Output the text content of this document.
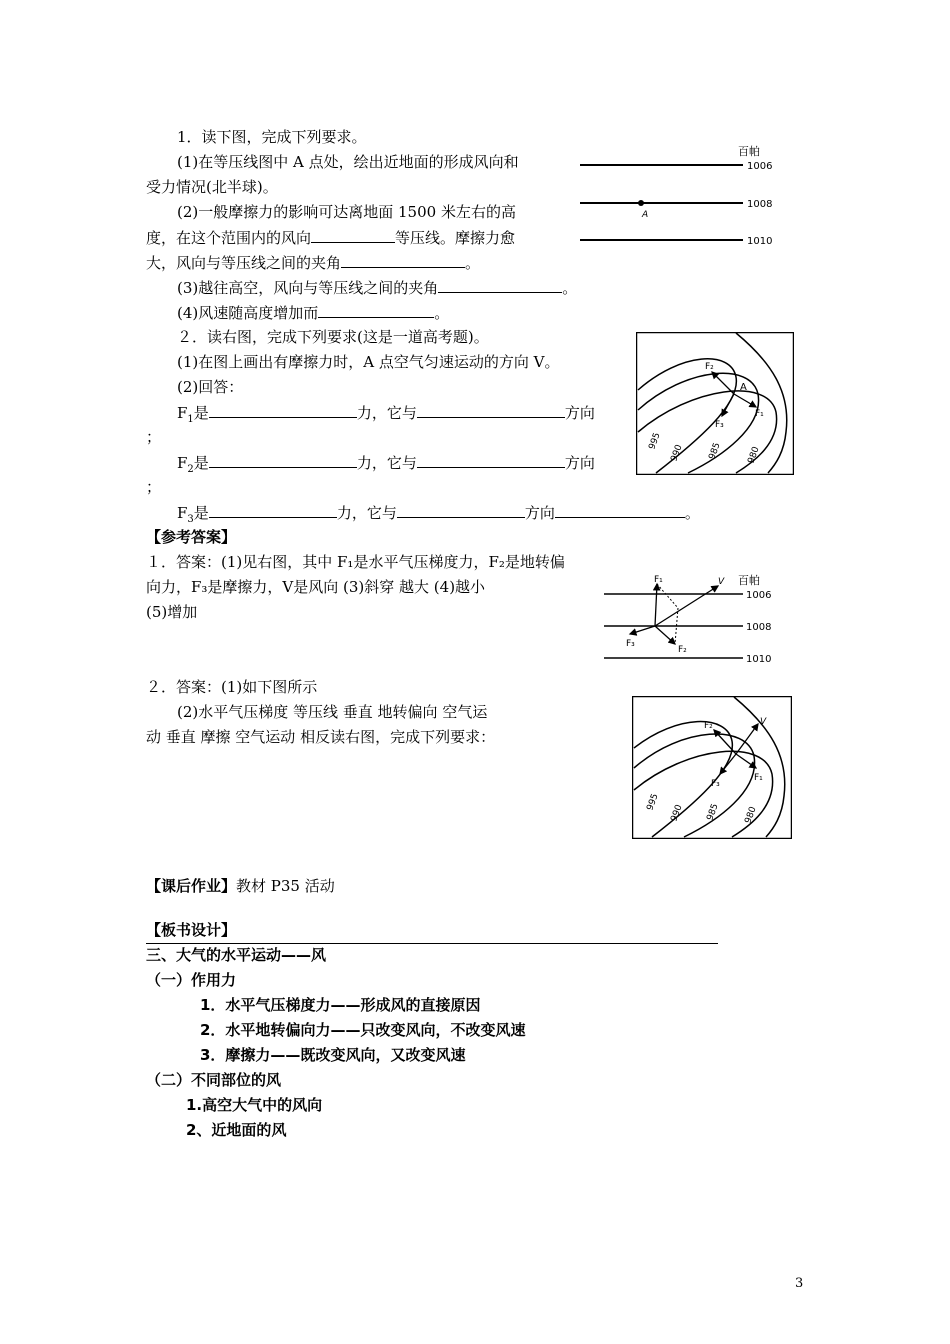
1．读下图，完成下列要求。
(1)在等压线图中 A 点处，绘出近地面的形成风向和
受力情况(北半球)。
(2)一般摩擦力的影响可达离地面 1500 米左右的高
度，在这个范围内的风向	等压线。摩擦力愈
大，风向与等压线之间的夹角	。
(3)越往高空，风向与等压线之间的夹角	。
(4)风速随高度增加而	。
２．读右图，完成下列要求(这是一道高考题)。
(1)在图上画出有摩擦力时，A 点空气匀速运动的方向 V。
(2)回答：
$F_1$是	力，它与	方向
；
$F_2$是	力，它与	方向
；
$F_3$是	力，它与	方向	。
【参考答案】
１．答案：(1)见右图，其中 F₁是水平气压梯度力，F₂是地转偏
向力，F₃是摩擦力，V是风向 (3)斜穿 越大 (4)越小
(5)增加
２．答案：(1)如下图所示
(2)水平气压梯度 等压线 垂直 地转偏向 空气运
动 垂直 摩擦 空气运动 相反读右图，完成下列要求：
【课后作业】教材 P35 活动
【板书设计】
三、大气的水平运动——风
（一）作用力
1．水平气压梯度力——形成风的直接原因
2．水平地转偏向力——只改变风向，不改变风速
3．摩擦力——既改变风向，又改变风速
（二）不同部位的风
1.高空大气中的风向
2、近地面的风
3
百帕
1006
1008
1010
A
995
990	985	980
F₂
F₁
F₃
A
百帕
1006
1008
1010
F₁	V
F₃
F₂
995
990 985	980
F₂	V
F₃
F₁
